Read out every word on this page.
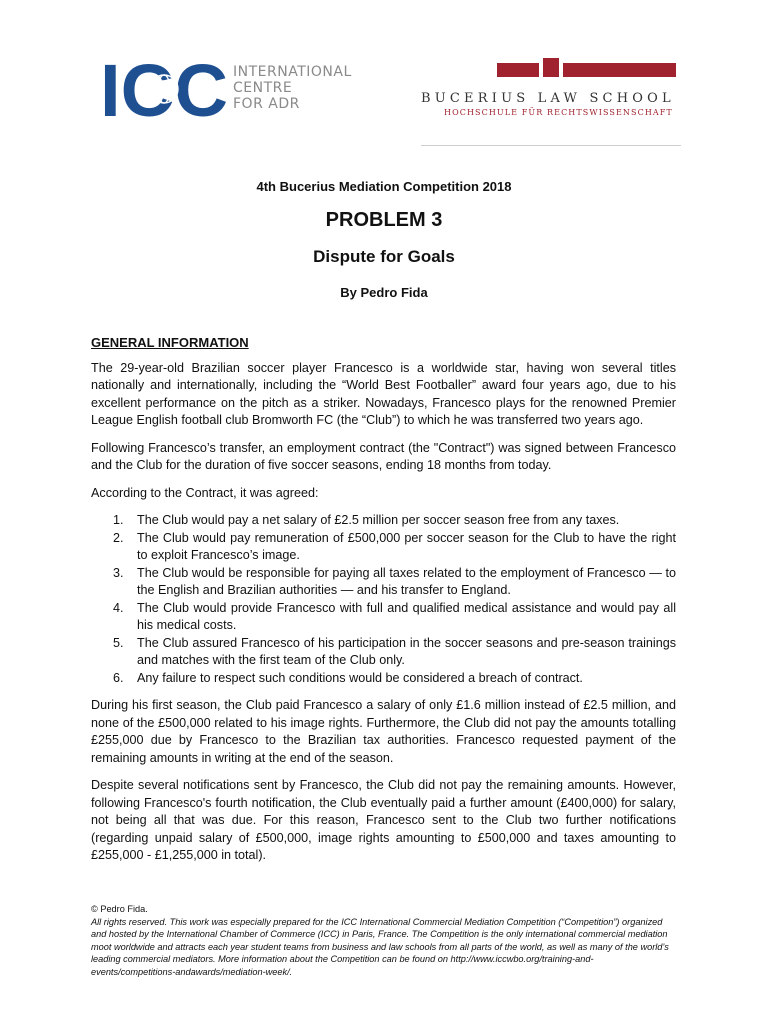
ICC INTERNATIONAL
CENTRE
FOR ADR	BUCERIUS LAW SCHOOL
HOCHSCHULE FÜR RECHTSWISSENSCHAFT

4th Bucerius Mediation Competition 2018

PROBLEM 3

Dispute for Goals

By Pedro Fida

GENERAL INFORMATION

The 29-year-old Brazilian soccer player Francesco is a worldwide star, having won several titles nationally and internationally, including the “World Best Footballer” award four years ago, due to his excellent performance on the pitch as a striker. Nowadays, Francesco plays for the renowned Premier League English football club Bromworth FC (the “Club”) to which he was transferred two years ago.

Following Francesco’s transfer, an employment contract (the "Contract") was signed between Francesco and the Club for the duration of five soccer seasons, ending 18 months from today.

According to the Contract, it was agreed:

1. The Club would pay a net salary of £2.5 million per soccer season free from any taxes.
2. The Club would pay remuneration of £500,000 per soccer season for the Club to have the right to exploit Francesco’s image.
3. The Club would be responsible for paying all taxes related to the employment of Francesco — to the English and Brazilian authorities — and his transfer to England.
4. The Club would provide Francesco with full and qualified medical assistance and would pay all his medical costs.
5. The Club assured Francesco of his participation in the soccer seasons and pre-season trainings and matches with the first team of the Club only.
6. Any failure to respect such conditions would be considered a breach of contract.

During his first season, the Club paid Francesco a salary of only £1.6 million instead of £2.5 million, and none of the £500,000 related to his image rights. Furthermore, the Club did not pay the amounts totalling £255,000 due by Francesco to the Brazilian tax authorities. Francesco requested payment of the remaining amounts in writing at the end of the season.

Despite several notifications sent by Francesco, the Club did not pay the remaining amounts. However, following Francesco's fourth notification, the Club eventually paid a further amount (£400,000) for salary, not being all that was due. For this reason, Francesco sent to the Club two further notifications (regarding unpaid salary of £500,000, image rights amounting to £500,000 and taxes amounting to £255,000 - £1,255,000 in total).

© Pedro Fida.
All rights reserved. This work was especially prepared for the ICC International Commercial Mediation Competition (“Competition”) organized and hosted by the International Chamber of Commerce (ICC) in Paris, France. The Competition is the only international commercial mediation moot worldwide and attracts each year student teams from business and law schools from all parts of the world, as well as many of the world’s leading commercial mediators. More information about the Competition can be found on http://www.iccwbo.org/training-and-events/competitions-andawards/mediation-week/.
